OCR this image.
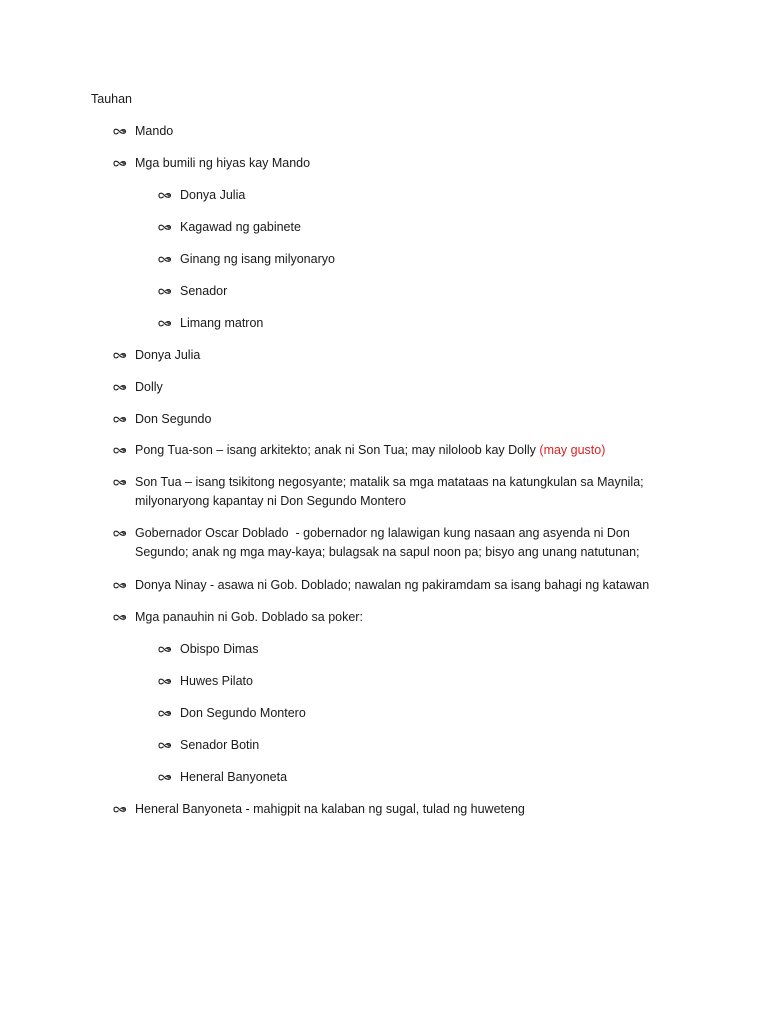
Tauhan
Mando
Mga bumili ng hiyas kay Mando
Donya Julia
Kagawad ng gabinete
Ginang ng isang milyonaryo
Senador
Limang matron
Donya Julia
Dolly
Don Segundo
Pong Tua-son – isang arkitekto; anak ni Son Tua; may niloloob kay Dolly (may gusto)
Son Tua – isang tsikitong negosyante; matalik sa mga matataas na katungkulan sa Maynila;
milyonaryong kapantay ni Don Segundo Montero
Gobernador Oscar Doblado  - gobernador ng lalawigan kung nasaan ang asyenda ni Don
Segundo; anak ng mga may-kaya; bulagsak na sapul noon pa; bisyo ang unang natutunan;
Donya Ninay - asawa ni Gob. Doblado; nawalan ng pakiramdam sa isang bahagi ng katawan
Mga panauhin ni Gob. Doblado sa poker:
Obispo Dimas
Huwes Pilato
Don Segundo Montero
Senador Botin
Heneral Banyoneta
Heneral Banyoneta - mahigpit na kalaban ng sugal, tulad ng huweteng
